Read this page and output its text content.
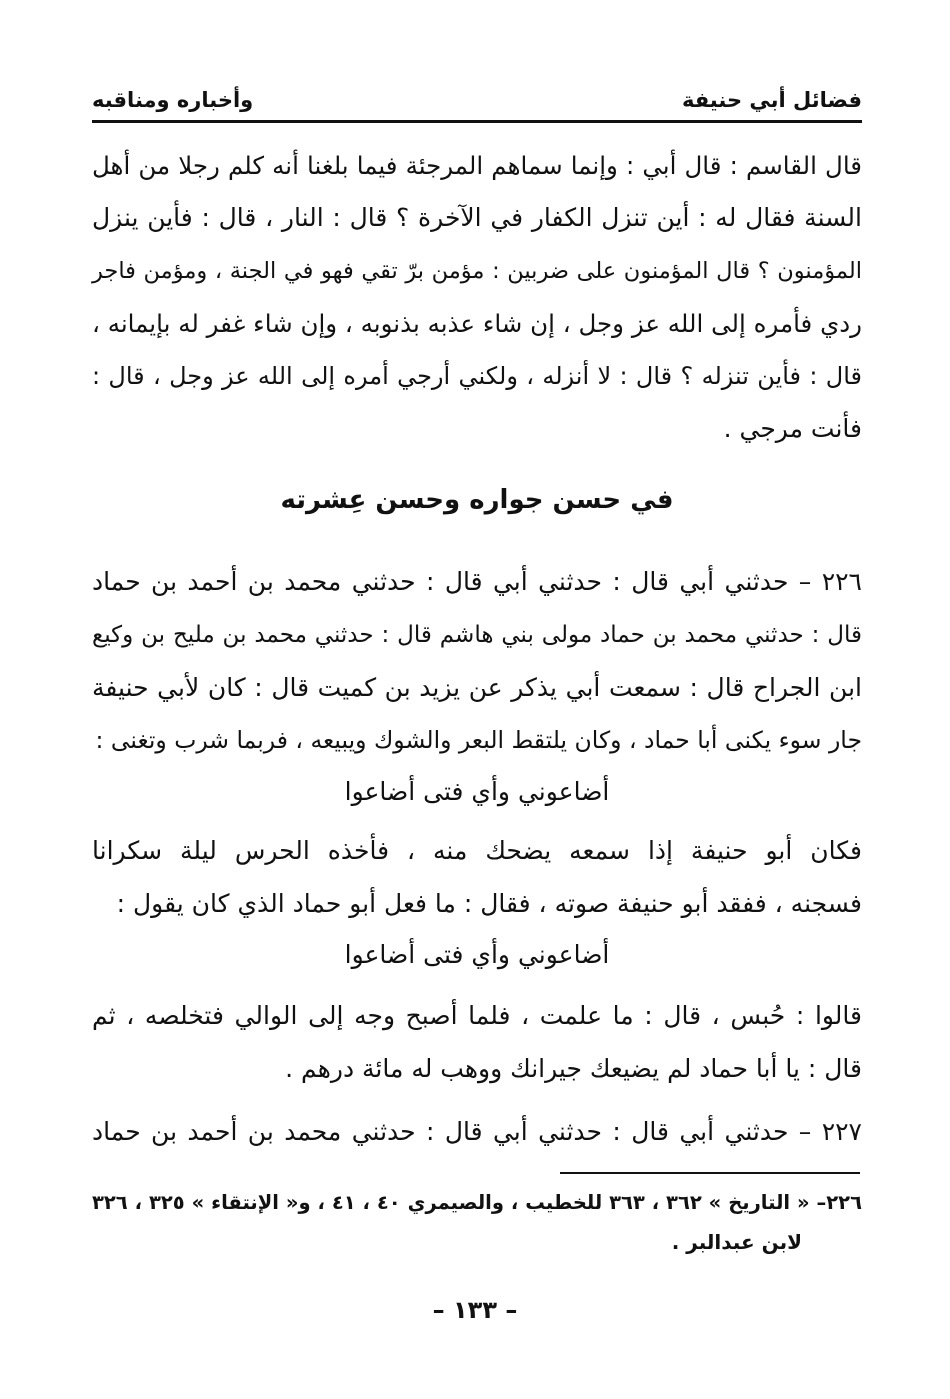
فضائل أبي حنيفة
وأخباره ومناقبه
قال القاسم : قال أبي : وإنما سماهم المرجئة فيما بلغنا أنه كلم رجلا من أهل
السنة فقال له : أين تنزل الكفار في الآخرة ؟ قال : النار ، قال : فأين ينزل
المؤمنون ؟ قال المؤمنون على ضربين : مؤمن برّ تقي فهو في الجنة ، ومؤمن فاجر
ردي فأمره إلى الله عز وجل ، إن شاء عذبه بذنوبه ، وإن شاء غفر له بإيمانه ،
قال : فأين تنزله ؟ قال : لا أنزله ، ولكني أرجي أمره إلى الله عز وجل ، قال :
فأنت مرجي .
في حسن جواره وحسن عِشرته
٢٢٦ – حدثني أبي قال : حدثني أبي قال : حدثني محمد بن أحمد بن حماد
قال : حدثني محمد بن حماد مولى بني هاشم قال : حدثني محمد بن مليح بن وكيع
ابن الجراح قال : سمعت أبي يذكر عن يزيد بن كميت قال : كان لأبي حنيفة
جار سوء يكنى أبا حماد ، وكان يلتقط البعر والشوك ويبيعه ، فربما شرب وتغنى :
أضاعوني وأي فتى أضاعوا
فكان أبو حنيفة إذا سمعه يضحك منه ، فأخذه الحرس ليلة سكرانا
فسجنه ، ففقد أبو حنيفة صوته ، فقال : ما فعل أبو حماد الذي كان يقول :
أضاعوني وأي فتى أضاعوا
قالوا : حُبس ، قال : ما علمت ، فلما أصبح وجه إلى الوالي فتخلصه ، ثم
قال : يا أبا حماد لم يضيعك جيرانك ووهب له مائة درهم .
٢٢٧ – حدثني أبي قال : حدثني أبي قال : حدثني محمد بن أحمد بن حماد
٢٢٦– « التاريخ » ٣٦٢ ، ٣٦٣ للخطيب ، والصيمري ٤٠ ، ٤١ ، و« الإنتقاء » ٣٢٥ ، ٣٢٦
لابن عبدالبر .
– ١٣٣ –
